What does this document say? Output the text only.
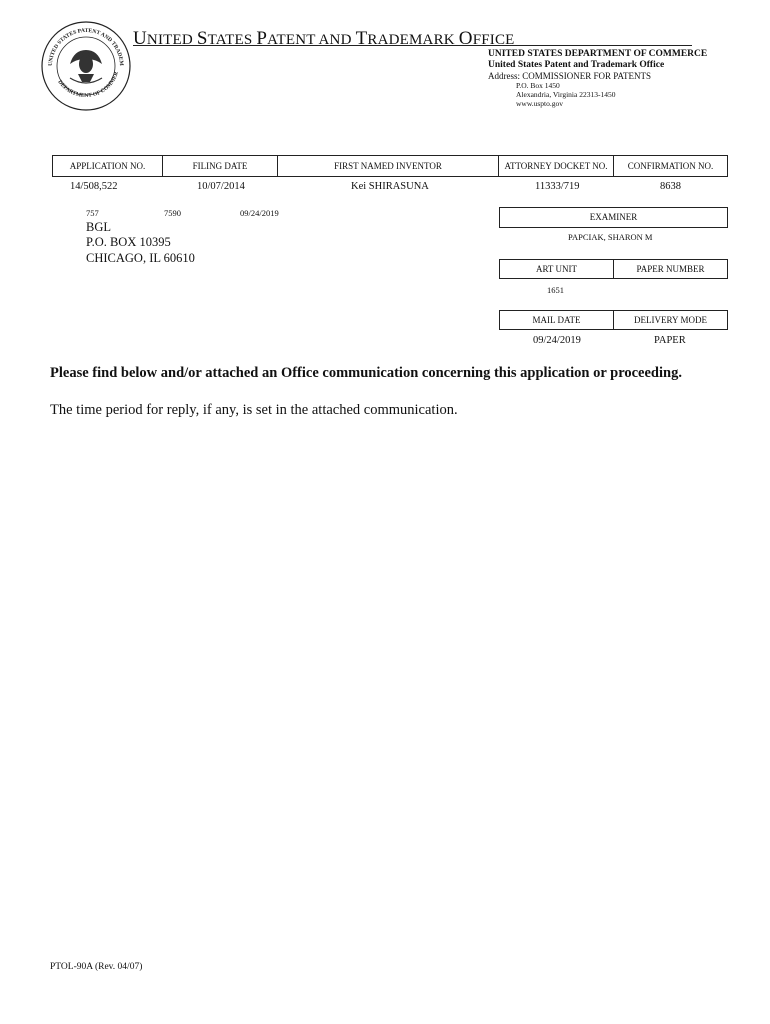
UNITED STATES PATENT AND TRADEM
DEPARTMENT OF COMMER
UNITED STATES PATENT AND TRADEMARK OFFICE
UNITED STATES DEPARTMENT OF COMMERCE
United States Patent and Trademark Office
Address: COMMISSIONER FOR PATENTS
P.O. Box 1450
Alexandria, Virginia 22313-1450
www.uspto.gov
APPLICATION NO.	FILING DATE	FIRST NAMED INVENTOR	ATTORNEY DOCKET NO.	CONFIRMATION NO.
14/508,522	10/07/2014	Kei SHIRASUNA	11333/719	8638
757	7590	09/24/2019
BGL
P.O. BOX 10395
CHICAGO, IL 60610
EXAMINER
PAPCIAK, SHARON M
ART UNIT	PAPER NUMBER
1651
MAIL DATE	DELIVERY MODE
09/24/2019	PAPER
Please find below and/or attached an Office communication concerning this application or proceeding.
The time period for reply, if any, is set in the attached communication.
PTOL-90A (Rev. 04/07)
